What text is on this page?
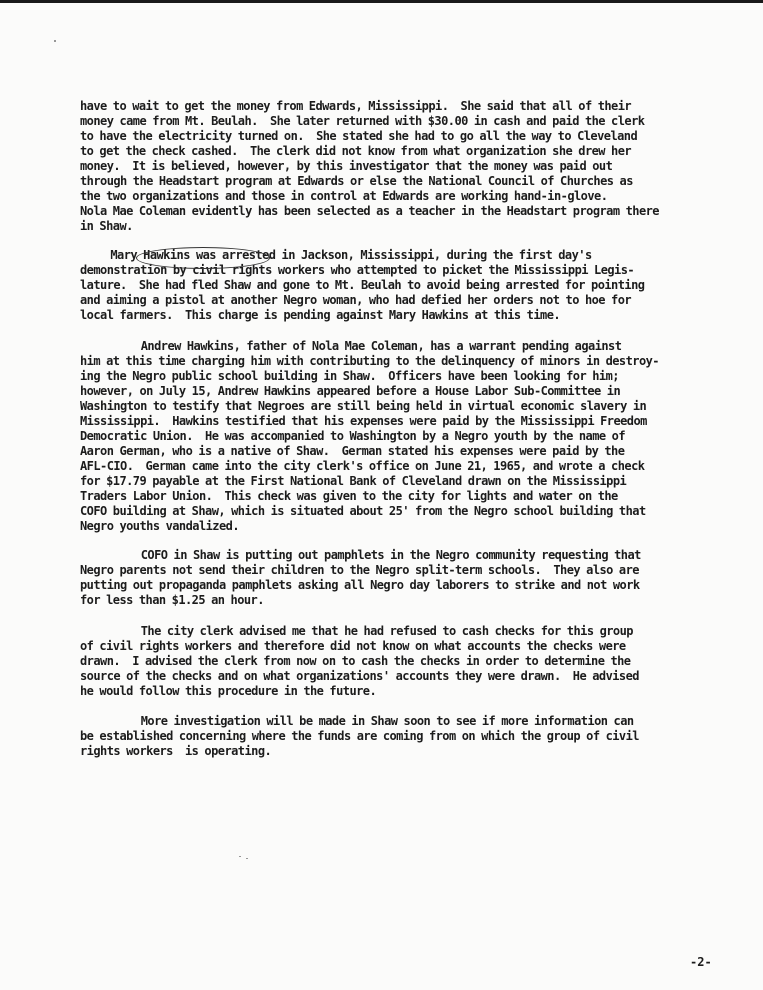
have to wait to get the money from Edwards, Mississippi.  She said that all of their
money came from Mt. Beulah.  She later returned with $30.00 in cash and paid the clerk
to have the electricity turned on.  She stated she had to go all the way to Cleveland
to get the check cashed.  The clerk did not know from what organization she drew her
money.  It is believed, however, by this investigator that the money was paid out
through the Headstart program at Edwards or else the National Council of Churches as
the two organizations and those in control at Edwards are working hand-in-glove.
Nola Mae Coleman evidently has been selected as a teacher in the Headstart program there
in Shaw.

Mary Hawkins was arrested in Jackson, Mississippi, during the first day's
demonstration by civil rights workers who attempted to picket the Mississippi Legis-
lature.  She had fled Shaw and gone to Mt. Beulah to avoid being arrested for pointing
and aiming a pistol at another Negro woman, who had defied her orders not to hoe for
local farmers.  This charge is pending against Mary Hawkins at this time.

Andrew Hawkins, father of Nola Mae Coleman, has a warrant pending against
him at this time charging him with contributing to the delinquency of minors in destroy-
ing the Negro public school building in Shaw.  Officers have been looking for him;
however, on July 15, Andrew Hawkins appeared before a House Labor Sub-Committee in
Washington to testify that Negroes are still being held in virtual economic slavery in
Mississippi.  Hawkins testified that his expenses were paid by the Mississippi Freedom
Democratic Union.  He was accompanied to Washington by a Negro youth by the name of
Aaron German, who is a native of Shaw.  German stated his expenses were paid by the
AFL-CIO.  German came into the city clerk's office on June 21, 1965, and wrote a check
for $17.79 payable at the First National Bank of Cleveland drawn on the Mississippi
Traders Labor Union.  This check was given to the city for lights and water on the
COFO building at Shaw, which is situated about 25' from the Negro school building that
Negro youths vandalized.

COFO in Shaw is putting out pamphlets in the Negro community requesting that
Negro parents not send their children to the Negro split-term schools.  They also are
putting out propaganda pamphlets asking all Negro day laborers to strike and not work
for less than $1.25 an hour.

The city clerk advised me that he had refused to cash checks for this group
of civil rights workers and therefore did not know on what accounts the checks were
drawn.  I advised the clerk from now on to cash the checks in order to determine the
source of the checks and on what organizations' accounts they were drawn.  He advised
he would follow this procedure in the future.

More investigation will be made in Shaw soon to see if more information can
be established concerning where the funds are coming from on which the group of civil
rights workers  is operating.

-2-
